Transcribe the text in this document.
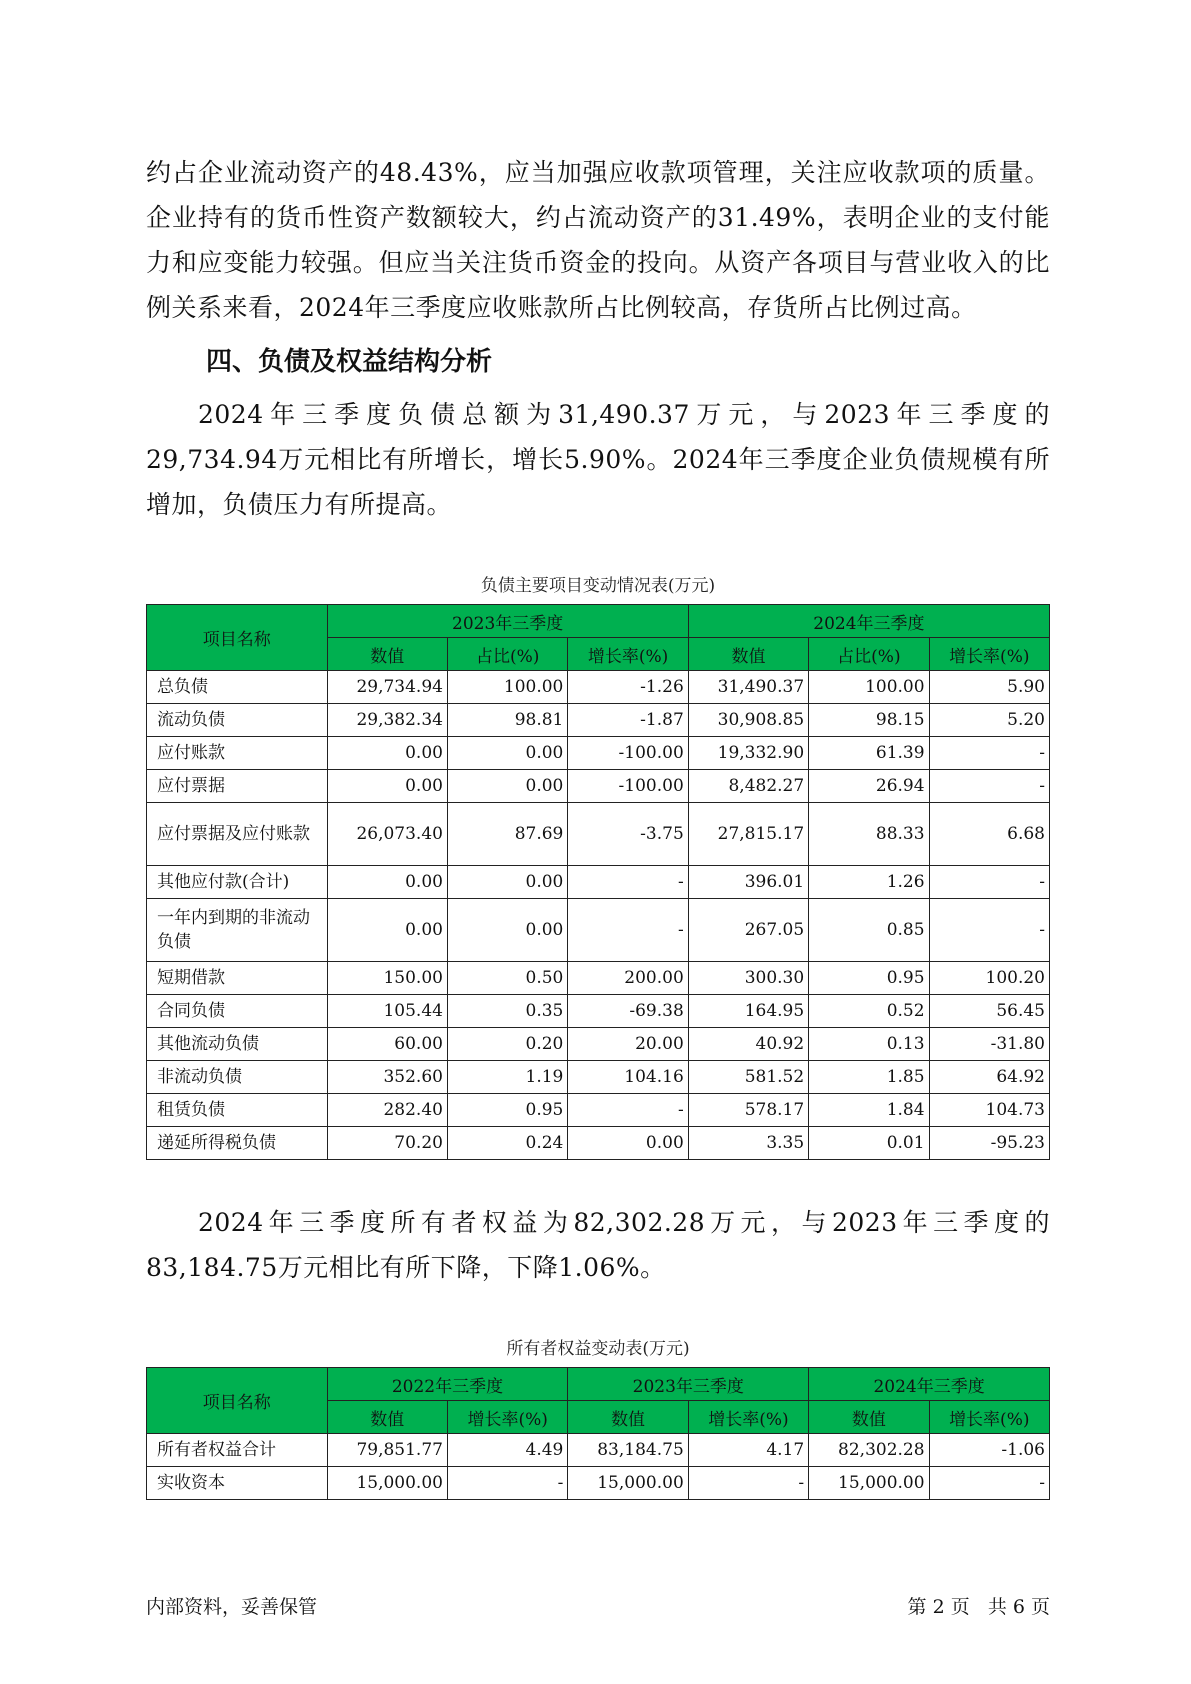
约占企业流动资产的48.43%，应当加强应收款项管理，关注应收款项的质量。企业持有的货币性资产数额较大，约占流动资产的31.49%，表明企业的支付能力和应变能力较强。但应当关注货币资金的投向。从资产各项目与营业收入的比例关系来看，2024年三季度应收账款所占比例较高，存货所占比例过高。

四、负债及权益结构分析

2024年三季度负债总额为31,490.37万元，与2023年三季度的29,734.94万元相比有所增长，增长5.90%。2024年三季度企业负债规模有所增加，负债压力有所提高。

负债主要项目变动情况表(万元)

项目名称	2023年三季度			2024年三季度		
	数值	占比(%)	增长率(%)	数值	占比(%)	增长率(%)
总负债	29,734.94	100.00	-1.26	31,490.37	100.00	5.90
流动负债	29,382.34	98.81	-1.87	30,908.85	98.15	5.20
应付账款	0.00	0.00	-100.00	19,332.90	61.39	-
应付票据	0.00	0.00	-100.00	8,482.27	26.94	-
应付票据及应付账款	26,073.40	87.69	-3.75	27,815.17	88.33	6.68
其他应付款(合计)	0.00	0.00	-	396.01	1.26	-
一年内到期的非流动负债	0.00	0.00	-	267.05	0.85	-
短期借款	150.00	0.50	200.00	300.30	0.95	100.20
合同负债	105.44	0.35	-69.38	164.95	0.52	56.45
其他流动负债	60.00	0.20	20.00	40.92	0.13	-31.80
非流动负债	352.60	1.19	104.16	581.52	1.85	64.92
租赁负债	282.40	0.95	-	578.17	1.84	104.73
递延所得税负债	70.20	0.24	0.00	3.35	0.01	-95.23

2024年三季度所有者权益为82,302.28万元，与2023年三季度的83,184.75万元相比有所下降，下降1.06%。

所有者权益变动表(万元)

项目名称	2022年三季度		2023年三季度		2024年三季度	
	数值	增长率(%)	数值	增长率(%)	数值	增长率(%)
所有者权益合计	79,851.77	4.49	83,184.75	4.17	82,302.28	-1.06
实收资本	15,000.00	-	15,000.00	-	15,000.00	-
内部资料，妥善保管	第 2 页   共 6 页
